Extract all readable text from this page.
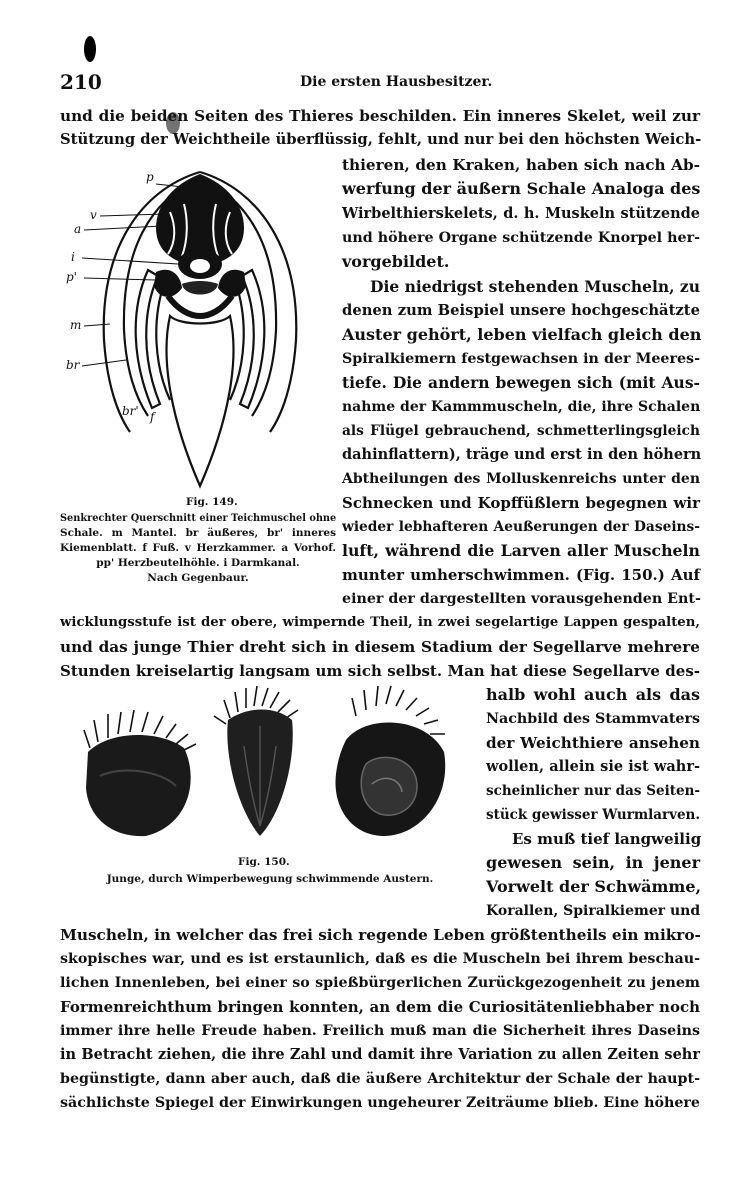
210	Die ersten Hausbesitzer.

und die beiden Seiten des Thieres beschilden. Ein inneres Skelet, weil zur

Stützung der Weichtheile überflüssig, fehlt, und nur bei den höchsten Weich-

thieren, den Kraken, haben sich nach Ab-

werfung der äußern Schale Analoga des

Wirbelthierskelets, d. h. Muskeln stützende

und höhere Organe schützende Knorpel her-

vorgebildet.

Die niedrigst stehenden Muscheln, zu

denen zum Beispiel unsere hochgeschätzte

Auster gehört, leben vielfach gleich den

Spiralkiemern festgewachsen in der Meeres-

tiefe. Die andern bewegen sich (mit Aus-

nahme der Kammmuscheln, die, ihre Schalen

als Flügel gebrauchend, schmetterlingsgleich

dahinflattern), träge und erst in den höhern

Abtheilungen des Molluskenreichs unter den

Schnecken und Kopffüßlern begegnen wir

wieder lebhafteren Aeußerungen der Daseins-

luft, während die Larven aller Muscheln

munter umherschwimmen. (Fig. 150.) Auf

einer der dargestellten vorausgehenden Ent-

wicklungsstufe ist der obere, wimpernde Theil, in zwei segelartige Lappen gespalten,

und das junge Thier dreht sich in diesem Stadium der Segellarve mehrere

Stunden kreiselartig langsam um sich selbst. Man hat diese Segellarve des-

halb wohl auch als das

Nachbild des Stammvaters

der Weichthiere ansehen

wollen, allein sie ist wahr-

scheinlicher nur das Seiten-

stück gewisser Wurmlarven.

Es muß tief langweilig

gewesen sein, in jener

Vorwelt der Schwämme,

Korallen, Spiralkiemer und

Muscheln, in welcher das frei sich regende Leben größtentheils ein mikro-

skopisches war, und es ist erstaunlich, daß es die Muscheln bei ihrem beschau-

lichen Innenleben, bei einer so spießbürgerlichen Zurückgezogenheit zu jenem

Formenreichthum bringen konnten, an dem die Curiositätenliebhaber noch

immer ihre helle Freude haben. Freilich muß man die Sicherheit ihres Daseins

in Betracht ziehen, die ihre Zahl und damit ihre Variation zu allen Zeiten sehr

begünstigte, dann aber auch, daß die äußere Architektur der Schale der haupt-

sächlichste Spiegel der Einwirkungen ungeheurer Zeiträume blieb. Eine höhere

p
v
a
i
p'
m
br
br' f
Fig. 149.

Senkrechter Querschnitt einer Teichmuschel ohne

Schale. m Mantel. br äußeres, br' inneres

Kiemenblatt. f Fuß. v Herzkammer. a Vorhof.

pp' Herzbeutelhöhle. i Darmkanal.

Nach Gegenbaur.

Fig. 150.

Junge, durch Wimperbewegung schwimmende Austern.
